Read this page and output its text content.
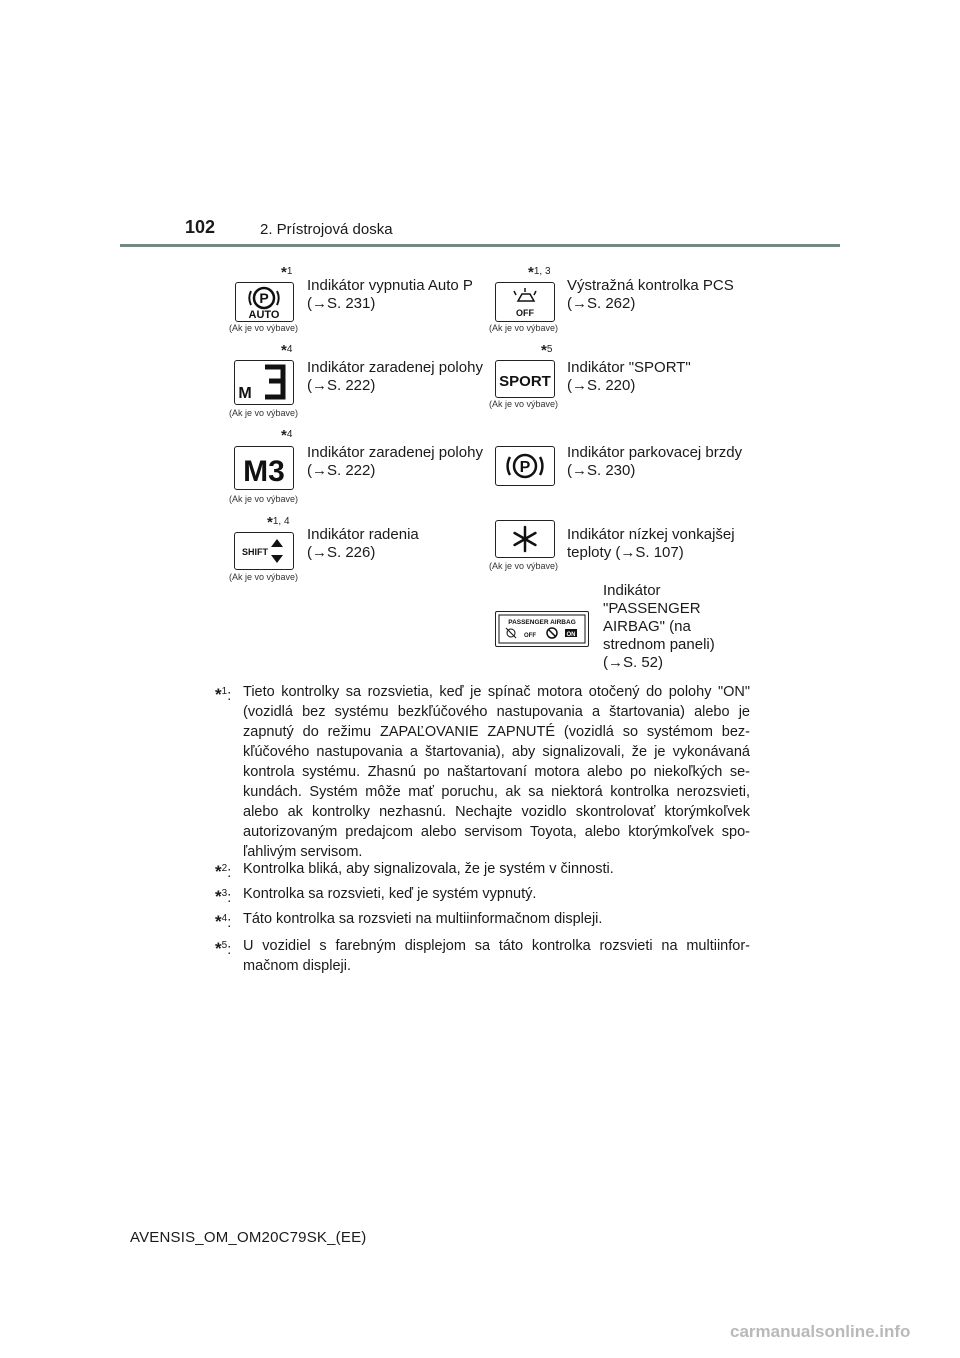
102	2. Prístrojová doska
*1
P
AUTO
(Ak je vo výbave)
Indikátor vypnutia Auto P
(→S. 231)
*1, 3
OFF
(Ak je vo výbave)
Výstražná kontrolka PCS
(→S. 262)
*4
M
(Ak je vo výbave)
Indikátor zaradenej polohy
(→S. 222)
*5
SPORT
(Ak je vo výbave)
Indikátor "SPORT"
(→S. 220)
*4
M3
(Ak je vo výbave)
Indikátor zaradenej polohy
(→S. 222)	P
Indikátor parkovacej brzdy
(→S. 230)
*1, 4
SHIFT
(Ak je vo výbave)
Indikátor radenia
(→S. 226)
(Ak je vo výbave)
Indikátor nízkej vonkajšej
teploty (→S. 107)
PASSENGER AIRBAG
OFF	ON
Indikátor
"PASSENGER
AIRBAG" (na
strednom paneli)
(→S. 52)
*$^1$: Tieto kontrolky sa rozsvietia, keď je spínač motora otočený do polohy "ON" (vozidlá bez systému bezkľúčového nastupovania a štartovania) alebo je zapnutý do režimu ZAPAĽOVANIE ZAPNUTÉ (vozidlá so systémom bez- kľúčového nastupovania a štartovania), aby signalizovali, že je vykonávaná kontrola systému. Zhasnú po naštartovaní motora alebo po niekoľkých se- kundách. Systém môže mať poruchu, ak sa niektorá kontrolka nerozsvieti, alebo ak kontrolky nezhasnú. Nechajte vozidlo skontrolovať ktorýmkoľvek autorizovaným predajcom alebo servisom Toyota, alebo ktorýmkoľvek spo- ľahlivým servisom.
*$^2$: Kontrolka bliká, aby signalizovala, že je systém v činnosti.
*$^3$: Kontrolka sa rozsvieti, keď je systém vypnutý.
*$^4$: Táto kontrolka sa rozsvieti na multiinformačnom displeji.
*$^5$: U vozidiel s farebným displejom sa táto kontrolka rozsvieti na multiinfor- mačnom displeji.
AVENSIS_OM_OM20C79SK_(EE)
carmanualsonline.info
